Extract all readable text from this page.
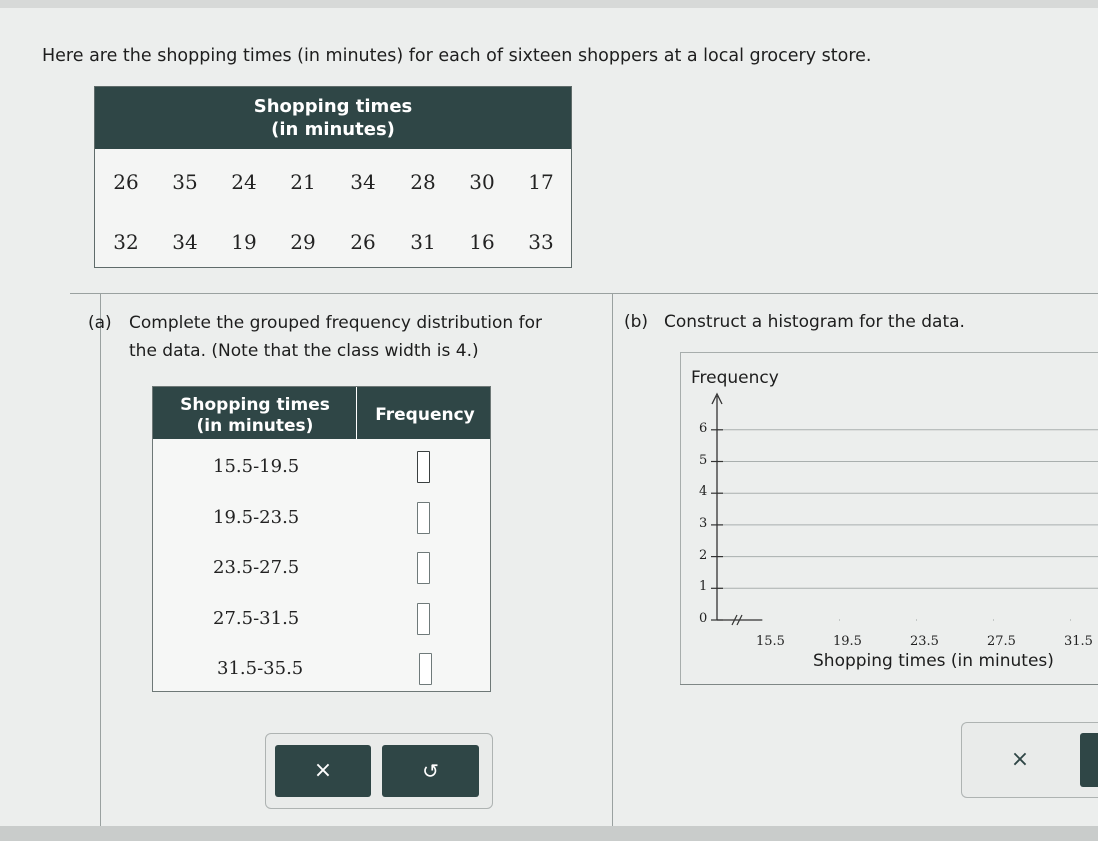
Here are the shopping times (in minutes) for each of sixteen shoppers at a local grocery store.
Shopping times
(in minutes)
26 35 24 21 34 28 30 17
32 34 19 29 26 31 16 33
(a) Complete the grouped frequency distribution for
the data. (Note that the class width is 4.)
Shopping times
(in minutes)
Frequency
15.5-19.5
19.5-23.5
23.5-27.5
27.5-31.5
31.5-35.5
×	↺
(b) Construct a histogram for the data.
Frequency
Shopping times (in minutes)
0
1
2
3
4
5
6
15.5	19.5	23.5	27.5	31.5
×
